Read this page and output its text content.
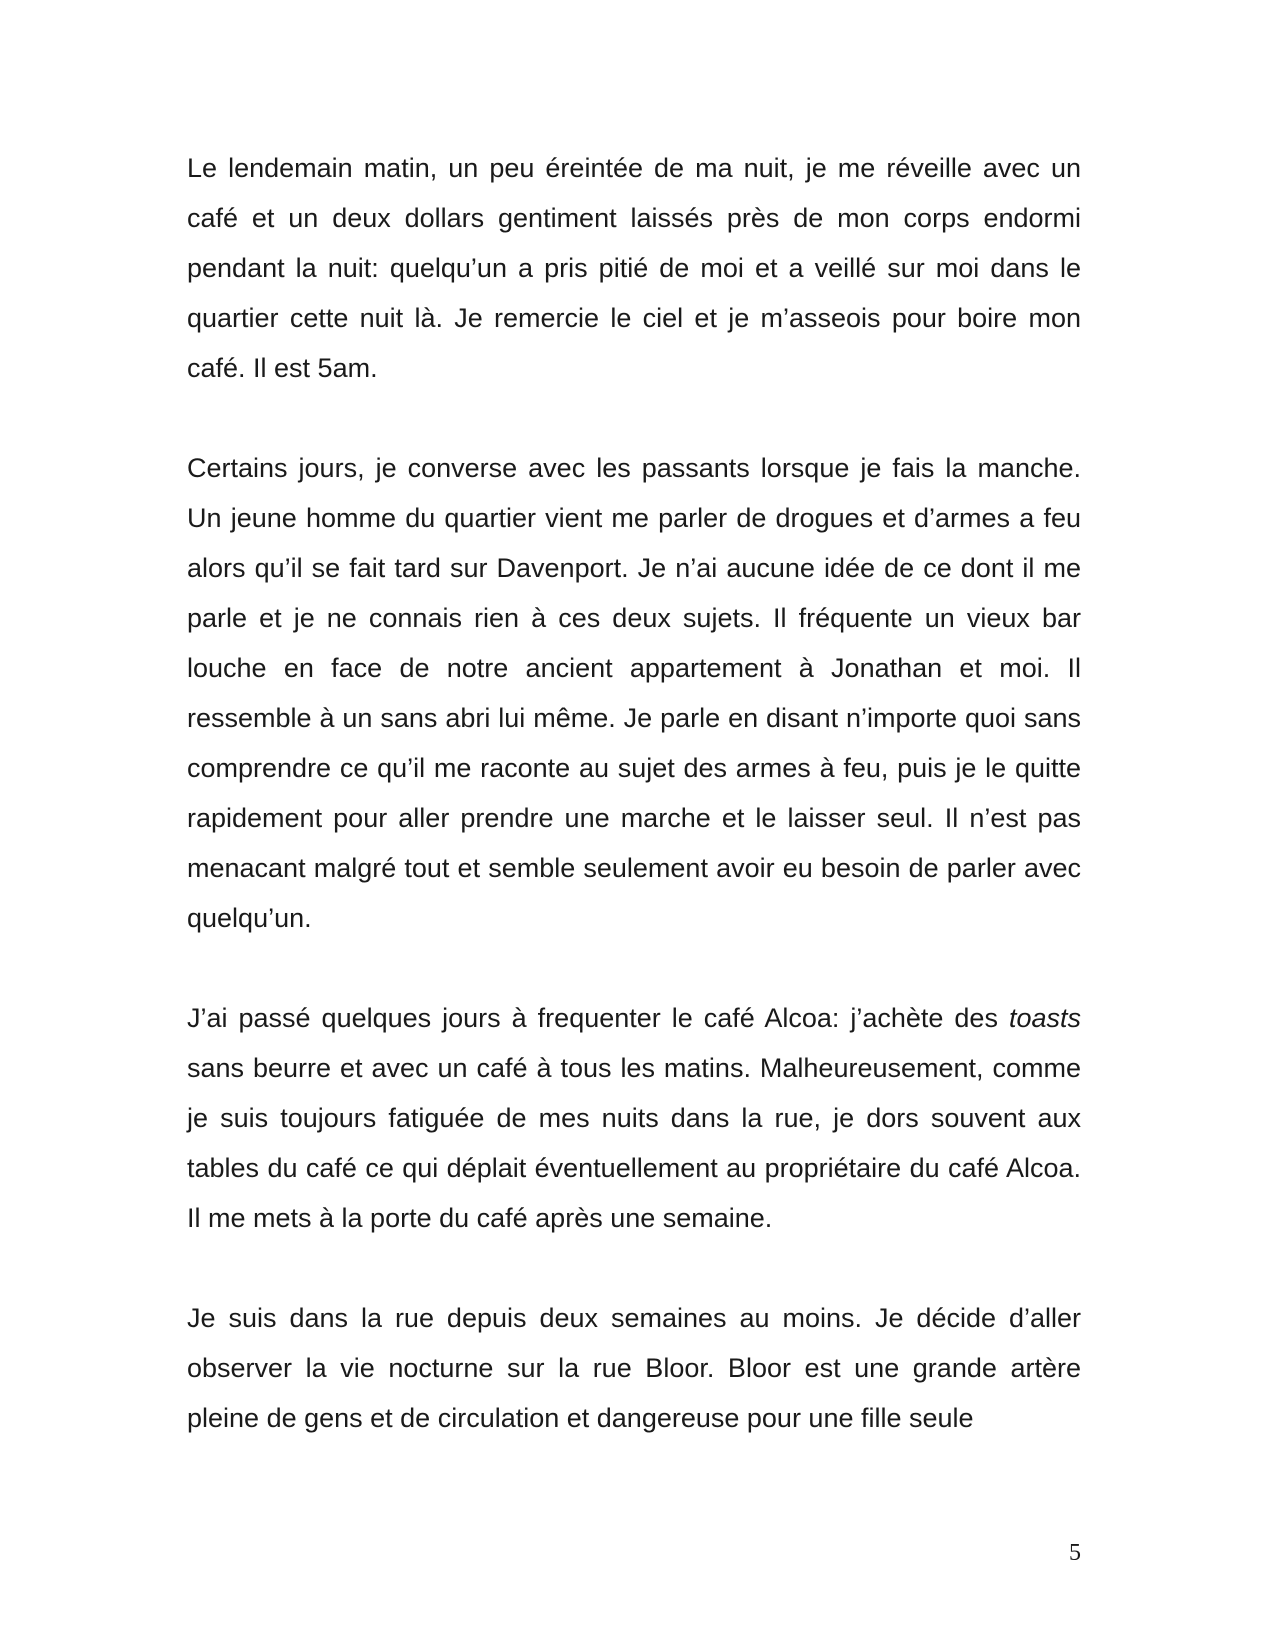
Le lendemain matin, un peu éreintée de ma nuit, je me réveille avec un café et un deux dollars gentiment laissés près de mon corps endormi pendant la nuit: quelqu’un a pris pitié de moi et a veillé sur moi dans le quartier cette nuit là. Je remercie le ciel et je m’asseois pour boire mon café. Il est 5am.

Certains jours, je converse avec les passants lorsque je fais la manche. Un jeune homme du quartier vient me parler de drogues et d’armes a feu alors qu’il se fait tard sur Davenport. Je n’ai aucune idée de ce dont il me parle et je ne connais rien à ces deux sujets. Il fréquente un vieux bar louche en face de notre ancient appartement à Jonathan et moi. Il ressemble à un sans abri lui même. Je parle en disant n’importe quoi sans comprendre ce qu’il me raconte au sujet des armes à feu, puis je le quitte rapidement pour aller prendre une marche et le laisser seul. Il n’est pas menacant malgré tout et semble seulement avoir eu besoin de parler avec quelqu’un.

J’ai passé quelques jours à frequenter le café Alcoa: j’achète des toasts sans beurre et avec un café à tous les matins. Malheureusement, comme je suis toujours fatiguée de mes nuits dans la rue, je dors souvent aux tables du café ce qui déplait éventuellement au propriétaire du café Alcoa. Il me mets à la porte du café après une semaine.

Je suis dans la rue depuis deux semaines au moins. Je décide d’aller observer la vie nocturne sur la rue Bloor. Bloor est une grande artère pleine de gens et de circulation et dangereuse pour une fille seule

5
